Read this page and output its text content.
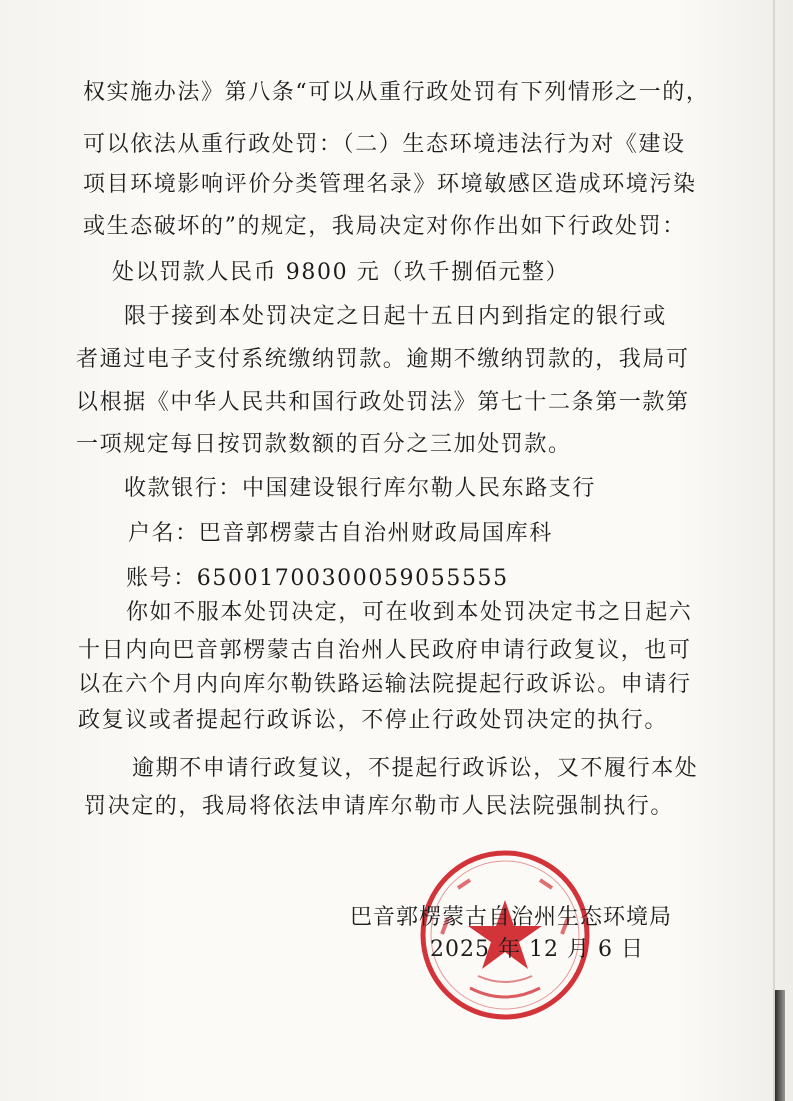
权实施办法》第八条“可以从重行政处罚有下列情形之一的，
可以依法从重行政处罚：（二）生态环境违法行为对《建设
项目环境影响评价分类管理名录》环境敏感区造成环境污染
或生态破坏的”的规定，我局决定对你作出如下行政处罚：
处以罚款人民币 9800 元（玖千捌佰元整）
限于接到本处罚决定之日起十五日内到指定的银行或
者通过电子支付系统缴纳罚款。逾期不缴纳罚款的，我局可
以根据《中华人民共和国行政处罚法》第七十二条第一款第
一项规定每日按罚款数额的百分之三加处罚款。
收款银行：中国建设银行库尔勒人民东路支行
户名：巴音郭楞蒙古自治州财政局国库科
账号：65001700300059055555
你如不服本处罚决定，可在收到本处罚决定书之日起六
十日内向巴音郭楞蒙古自治州人民政府申请行政复议，也可
以在六个月内向库尔勒铁路运输法院提起行政诉讼。申请行
政复议或者提起行政诉讼，不停止行政处罚决定的执行。
逾期不申请行政复议，不提起行政诉讼，又不履行本处
罚决定的，我局将依法申请库尔勒市人民法院强制执行。
巴音郭楞蒙古自治州生态环境局
2025 年 12 月 6 日
